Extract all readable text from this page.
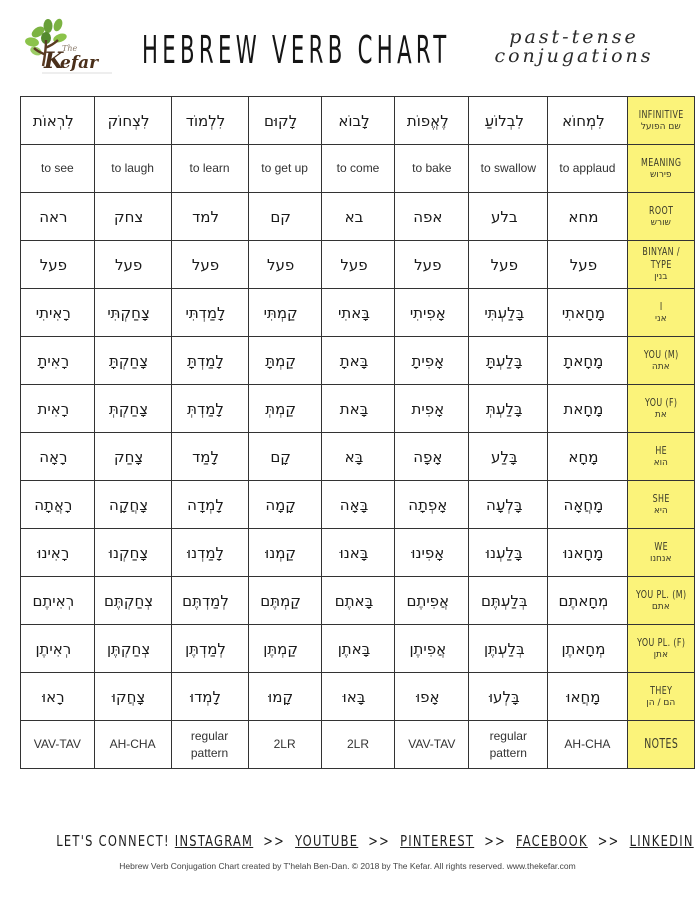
K
efar
The HEBREW VERB CHART	past-tense
conjugations
לִרְאוֹת	לִצְחוֹק	לִלְמוֹד	לָקוּם	לָבוֹא	לֶאֱפוֹת	לִבְלוֹעַ	לִמְחוֹא	INFINITIVE
שם הפועל

to see	to laugh	to learn	to get up	to come	to bake	to swallow	to applaud	MEANING
פירוש

ראה	צחק	למד	קם	בא	אפה	בלע	מחא	ROOT
שורש

פעל	פעל	פעל	פעל	פעל	פעל	פעל	פעל	BINYAN / TYPE
בנין

רָאִיתִי	צָחַקְתִּי	לָמַדְתִּי	קַמְתִּי	בָּאתִי	אָפִיתִי	בָּלַעְתִּי	מָחָאתִי	I
אני

רָאִיתָ	צָחַקְתָּ	לָמַדְתָּ	קַמְתָּ	בָּאתָ	אָפִיתָ	בָּלַעְתָּ	מָחָאתָ	YOU (M)
אתה

רָאִית	צָחַקְתְּ	לָמַדְתְּ	קַמְתְּ	בָּאת	אָפִית	בָּלַעְתְּ	מָחָאת	YOU (F)
את

רָאָה	צָחַק	לָמַד	קָם	בָּא	אָפָה	בָּלַע	מָחָא	HE
הוא

רָאֲתָה	צָחֲקָה	לָמְדָה	קָמָה	בָּאָה	אָפְתָה	בָּלְעָה	מָחֲאָה	SHE
היא

רָאִינוּ	צָחַקְנוּ	לָמַדְנוּ	קַמְנוּ	בָּאנוּ	אָפִינוּ	בָּלַעְנוּ	מָחָאנוּ	WE
אנחנו

רְאִיתֶם	צְחַקְתֶּם	לְמַדְתֶּם	קַמְתֶּם	בָּאתֶם	אֲפִיתֶם	בְּלַעְתֶּם	מְחָאתֶם	YOU PL. (M)
אתם

רְאִיתֶן	צְחַקְתֶּן	לְמַדְתֶּן	קַמְתֶּן	בָּאתֶן	אֲפִיתֶן	בְּלַעְתֶּן	מְחָאתֶן	YOU PL. (F)
אתן

רָאוּ	צָחֲקוּ	לָמְדוּ	קָמוּ	בָּאוּ	אָפוּ	בָּלְעוּ	מָחֲאוּ	THEY
הם / הן

VAV-TAV	AH-CHA	regular pattern	2LR	2LR	VAV-TAV	regular pattern	AH-CHA	NOTES
LET'S CONNECT! INSTAGRAM >> YOUTUBE >> PINTEREST >> FACEBOOK >> LINKEDIN
Hebrew Verb Conjugation Chart created by T'helah Ben-Dan. © 2018 by The Kefar. All rights reserved. www.thekefar.com
